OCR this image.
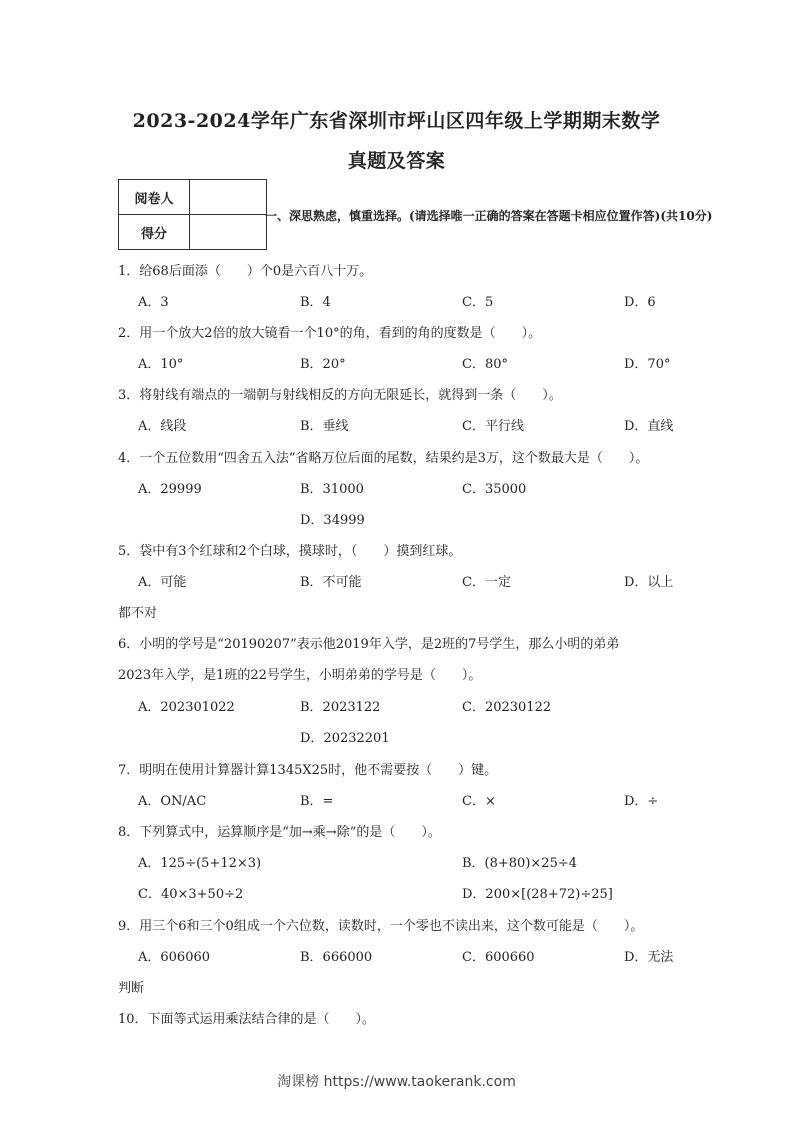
2023-2024学年广东省深圳市坪山区四年级上学期期末数学
真题及答案
阅卷人	
得分	
一、深思熟虑，慎重选择。(请选择唯一正确的答案在答题卡相应位置作答)(共10分)
1．给68后面添（　　）个0是六百八十万。
A．3	B．4	C．5	D．6
2．用一个放大2倍的放大镜看一个10°的角，看到的角的度数是（　　）。
A．10°	B．20°	C．80°	D．70°
3．将射线有端点的一端朝与射线相反的方向无限延长，就得到一条（　　）。
A．线段	B．垂线	C．平行线	D．直线
4．一个五位数用“四舍五入法”省略万位后面的尾数，结果约是3万，这个数最大是（　　）。
A．29999	B．31000	C．35000
D．34999
5．袋中有3个红球和2个白球，摸球时，（　　）摸到红球。
A．可能	B．不可能	C．一定	D．以上
都不对
6．小明的学号是“20190207”表示他2019年入学，是2班的7号学生，那么小明的弟弟
2023年入学，是1班的22号学生，小明弟弟的学号是（　　）。
A．202301022	B．2023122	C．20230122
D．20232201
7．明明在使用计算器计算1345X25时，他不需要按（　　）键。
A．ON/AC	B．=	C．×	D．÷
8．下列算式中，运算顺序是“加→乘→除”的是（　　）。
A．125÷(5+12×3)	B．(8+80)×25÷4
C．40×3+50÷2	D．200×[(28+72)÷25]
9．用三个6和三个0组成一个六位数，读数时，一个零也不读出来，这个数可能是（　　）。
A．606060	B．666000	C．600660	D．无法
判断
10．下面等式运用乘法结合律的是（　　）。
淘课榜 https://www.taokerank.com
